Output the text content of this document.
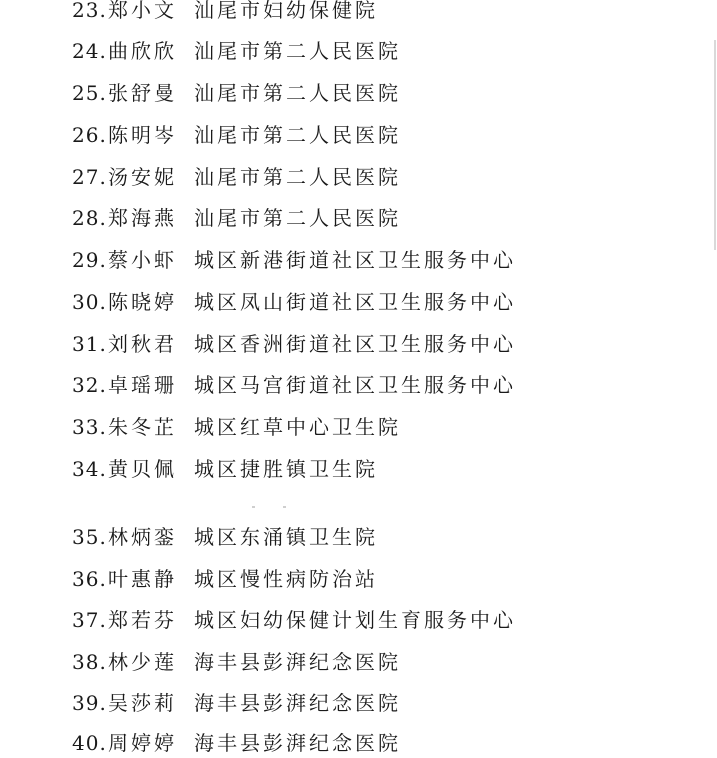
23.郑小文 汕尾市妇幼保健院
24.曲欣欣 汕尾市第二人民医院
25.张舒曼 汕尾市第二人民医院
26.陈明岑 汕尾市第二人民医院
27.汤安妮 汕尾市第二人民医院
28.郑海燕 汕尾市第二人民医院
29.蔡小虾 城区新港街道社区卫生服务中心
30.陈晓婷 城区凤山街道社区卫生服务中心
31.刘秋君 城区香洲街道社区卫生服务中心
32.卓瑶珊 城区马宫街道社区卫生服务中心
33.朱冬芷 城区红草中心卫生院
34.黄贝佩 城区捷胜镇卫生院
35.林炳銮 城区东涌镇卫生院
36.叶惠静 城区慢性病防治站
37.郑若芬 城区妇幼保健计划生育服务中心
38.林少莲 海丰县彭湃纪念医院
39.吴莎莉 海丰县彭湃纪念医院
40.周婷婷 海丰县彭湃纪念医院
